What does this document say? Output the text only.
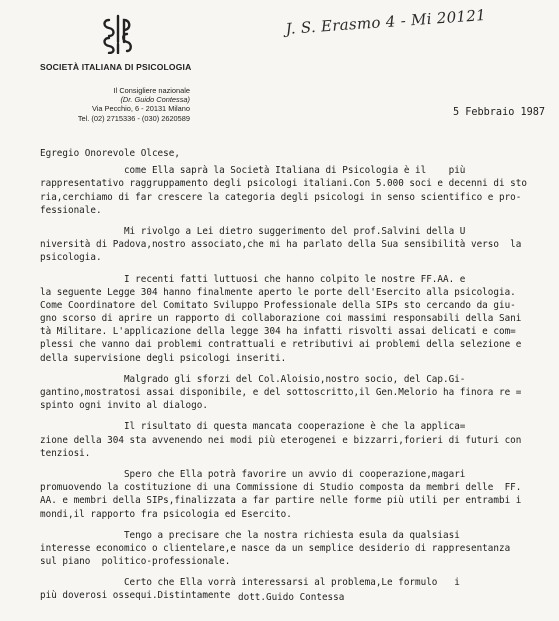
SOCIETÀ ITALIANA DI PSICOLOGIA
Il Consigliere nazionale
(Dr. Guido Contessa)
Via Pecchio, 6 - 20131 Milano
Tel. (02) 2715336 - (030) 2620589
J. S. Erasmo 4 - Mi 20121
5 Febbraio 1987
Egregio Onorevole Olcese,
come Ella saprà la Società Italiana di Psicologia è il    più
rappresentativo raggruppamento degli psicologi italiani.Con 5.000 soci e decenni di sto
ria,cerchiamo di far crescere la categoria degli psicologi in senso scientifico e pro-
fessionale.
Mi rivolgo a Lei dietro suggerimento del prof.Salvini della U
niversità di Padova,nostro associato,che mi ha parlato della Sua sensibilità verso  la
psicologia.
I recenti fatti luttuosi che hanno colpito le nostre FF.AA. e
la seguente Legge 304 hanno finalmente aperto le porte dell'Esercito alla psicologia.
Come Coordinatore del Comitato Sviluppo Professionale della SIPs sto cercando da giu-
gno scorso di aprire un rapporto di collaborazione coi massimi responsabili della Sani
tà Militare. L'applicazione della legge 304 ha infatti risvolti assai delicati e com=
plessi che vanno dai problemi contrattuali e retributivi ai problemi della selezione e
della supervisione degli psicologi inseriti.
Malgrado gli sforzi del Col.Aloisio,nostro socio, del Cap.Gi-
gantino,mostratosi assai disponibile, e del sottoscritto,il Gen.Melorio ha finora re =
spinto ogni invito al dialogo.
Il risultato di questa mancata cooperazione è che la applica=
zione della 304 sta avvenendo nei modi più eterogenei e bizzarri,forieri di futuri con
tenziosi.
Spero che Ella potrà favorire un avvio di cooperazione,magari
promuovendo la costituzione di una Commissione di Studio composta da membri delle  FF.
AA. e membri della SIPs,finalizzata a far partire nelle forme più utili per entrambi i
mondi,il rapporto fra psicologia ed Esercito.
Tengo a precisare che la nostra richiesta esula da qualsiasi
interesse economico o clientelare,e nasce da un semplice desiderio di rappresentanza
sul piano  politico-professionale.
Certo che Ella vorrà interessarsi al problema,Le formulo   i
più doverosi ossequi.Distintamente dott.Guido Contessa
